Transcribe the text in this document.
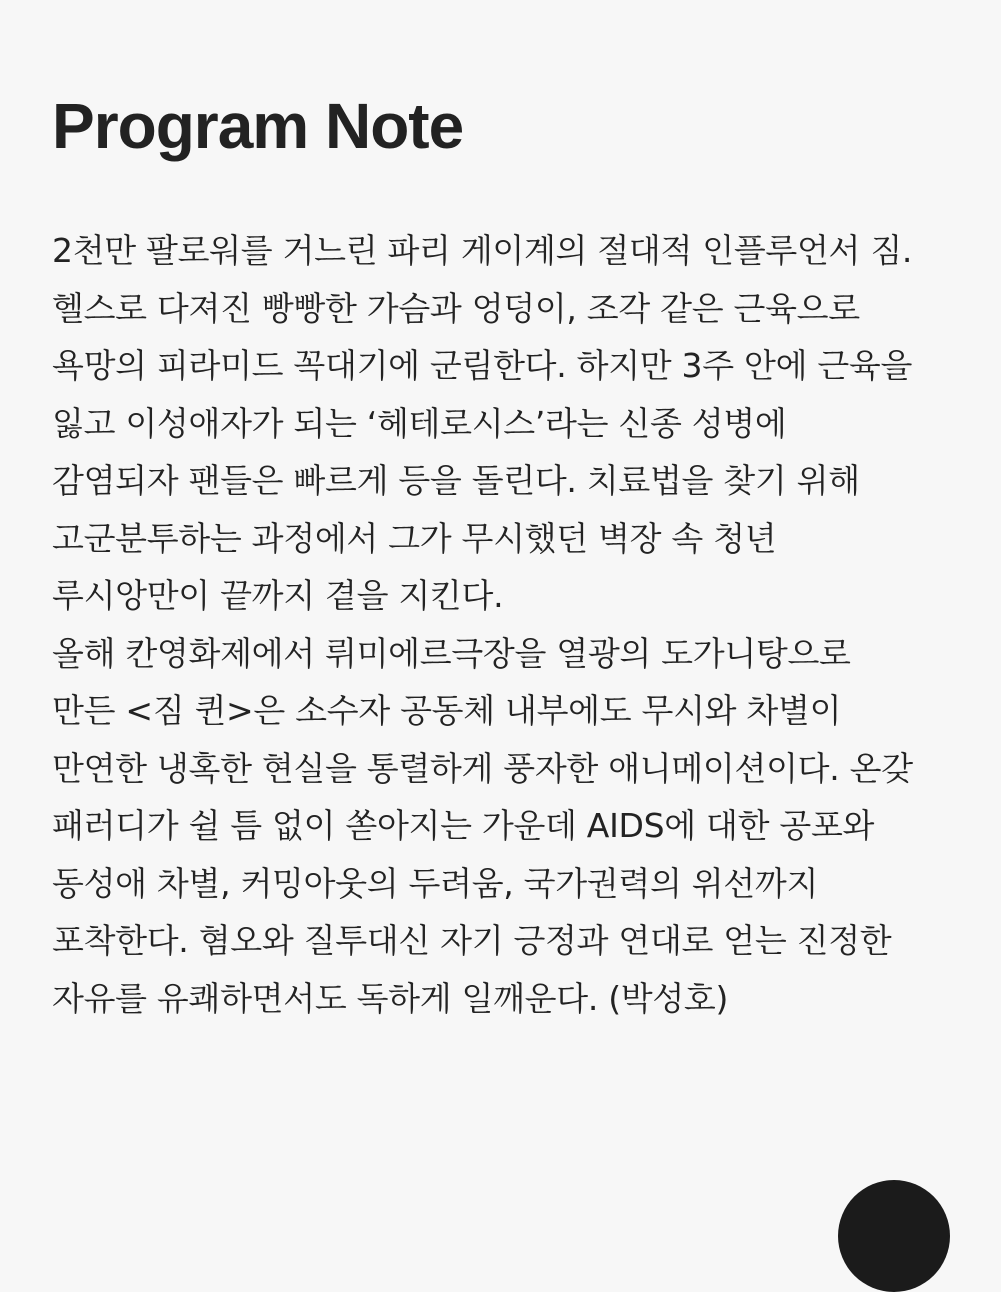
Program Note
2천만 팔로워를 거느린 파리 게이계의 절대적 인플루언서 짐.
헬스로 다져진 빵빵한 가슴과 엉덩이, 조각 같은 근육으로
욕망의 피라미드 꼭대기에 군림한다. 하지만 3주 안에 근육을
잃고 이성애자가 되는 ‘헤테로시스’라는 신종 성병에
감염되자 팬들은 빠르게 등을 돌린다. 치료법을 찾기 위해
고군분투하는 과정에서 그가 무시했던 벽장 속 청년
루시앙만이 끝까지 곁을 지킨다.
올해 칸영화제에서 뤼미에르극장을 열광의 도가니탕으로
만든 <짐 퀸>은 소수자 공동체 내부에도 무시와 차별이
만연한 냉혹한 현실을 통렬하게 풍자한 애니메이션이다. 온갖
패러디가 쉴 틈 없이 쏟아지는 가운데 AIDS에 대한 공포와
동성애 차별, 커밍아웃의 두려움, 국가권력의 위선까지
포착한다. 혐오와 질투대신 자기 긍정과 연대로 얻는 진정한
자유를 유쾌하면서도 독하게 일깨운다. (박성호)
